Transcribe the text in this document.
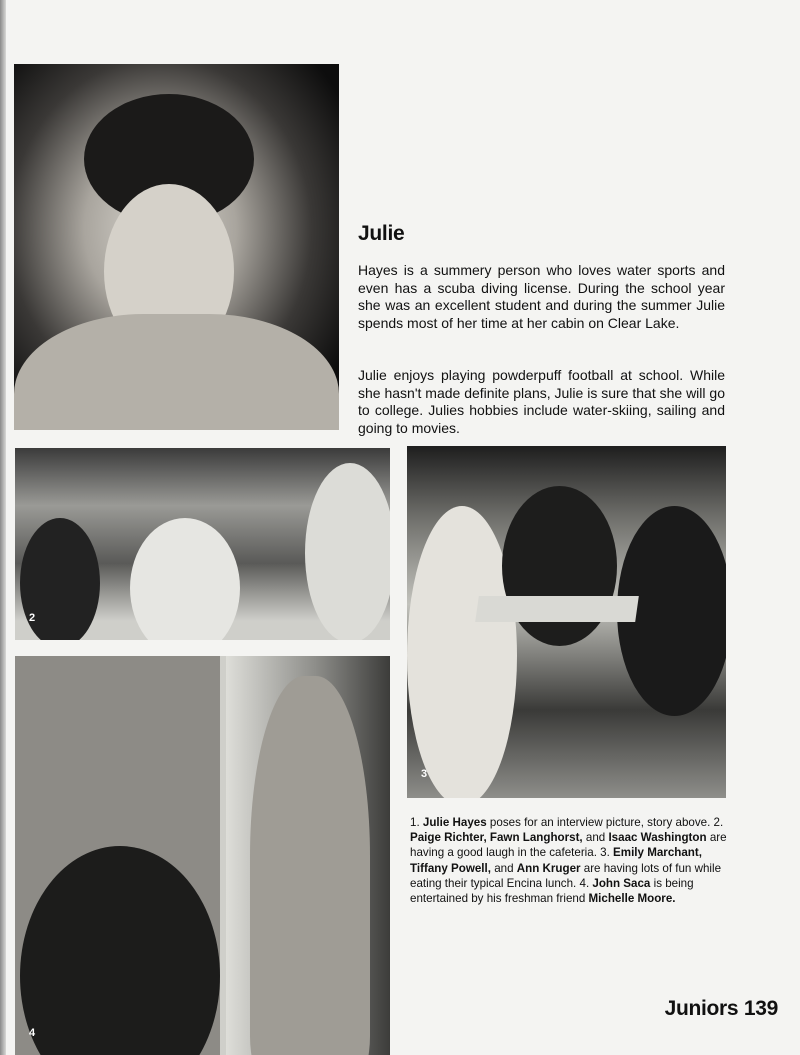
Julie

Hayes is a summery person who loves water sports and even has a scuba diving license. During the school year she was an excellent student and during the summer Julie spends most of her time at her cabin on Clear Lake.

Julie enjoys playing powderpuff football at school. While she hasn't made definite plans, Julie is sure that she will go to college. Julies hobbies include water-skiing, sailing and going to movies.

2
3
4

1. Julie Hayes poses for an interview picture, story above. 2. Paige Richter, Fawn Langhorst, and Isaac Washington are having a good laugh in the cafeteria. 3. Emily Marchant, Tiffany Powell, and Ann Kruger are having lots of fun while eating their typical Encina lunch. 4. John Saca is being entertained by his freshman friend Michelle Moore.

Juniors 139
